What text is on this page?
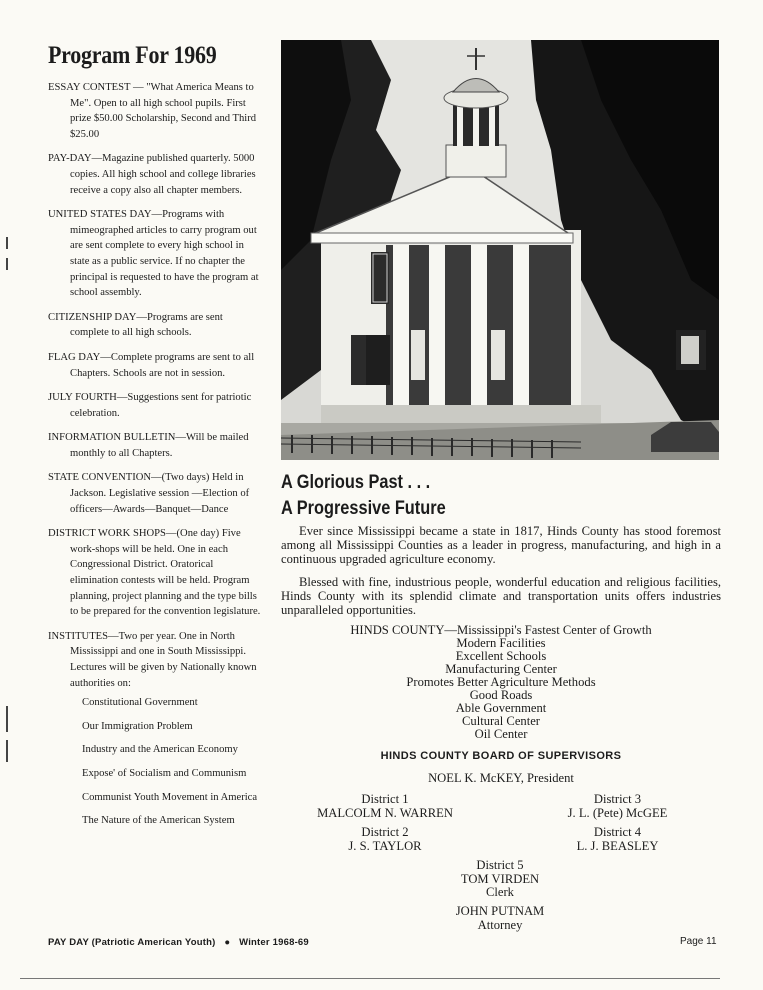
Program For 1969
ESSAY CONTEST — "What America Means to Me". Open to all high school pupils. First prize $50.00 Scholarship, Second and Third $25.00
PAY-DAY—Magazine published quarterly. 5000 copies. All high school and college libraries receive a copy also all chapter members.
UNITED STATES DAY—Programs with mimeographed articles to carry program out are sent complete to every high school in state as a public service. If no chapter the principal is requested to have the program at school assembly.
CITIZENSHIP DAY—Programs are sent complete to all high schools.
FLAG DAY—Complete programs are sent to all Chapters. Schools are not in session.
JULY FOURTH—Suggestions sent for patriotic celebration.
INFORMATION BULLETIN—Will be mailed monthly to all Chapters.
STATE CONVENTION—(Two days) Held in Jackson. Legislative session —Election of officers—Awards—Banquet—Dance
DISTRICT WORK SHOPS—(One day) Five work-shops will be held. One in each Congressional District. Oratorical elimination contests will be held. Program planning, project planning and the type bills to be prepared for the convention legislature.
INSTITUTES—Two per year. One in North Mississippi and one in South Mississippi. Lectures will be given by Nationally known authorities on:
Constitutional Government
Our Immigration Problem
Industry and the American Economy
Expose' of Socialism and Communism
Communist Youth Movement in America
The Nature of the American System
A Glorious Past . . .
A Progressive Future

Ever since Mississippi became a state in 1817, Hinds County has stood foremost among all Mississippi Counties as a leader in progress, manufacturing, and high in a continuous upgraded agriculture economy.

Blessed with fine, industrious people, wonderful education and religious facilities, Hinds County with its splendid climate and transportation units offers industries unparalleled opportunities.

HINDS COUNTY—Mississippi's Fastest Center of Growth
Modern Facilities
Excellent Schools
Manufacturing Center
Promotes Better Agriculture Methods
Good Roads
Able Government
Cultural Center
Oil Center
HINDS COUNTY BOARD OF SUPERVISORS
NOEL K. McKEY, President
District 1
MALCOLM N. WARREN
District 3
J. L. (Pete) McGEE
District 2
J. S. TAYLOR
District 4
L. J. BEASLEY
District 5
TOM VIRDEN
Clerk
JOHN PUTNAM
Attorney
PAY DAY (Patriotic American Youth) ● Winter 1968-69	Page 11
